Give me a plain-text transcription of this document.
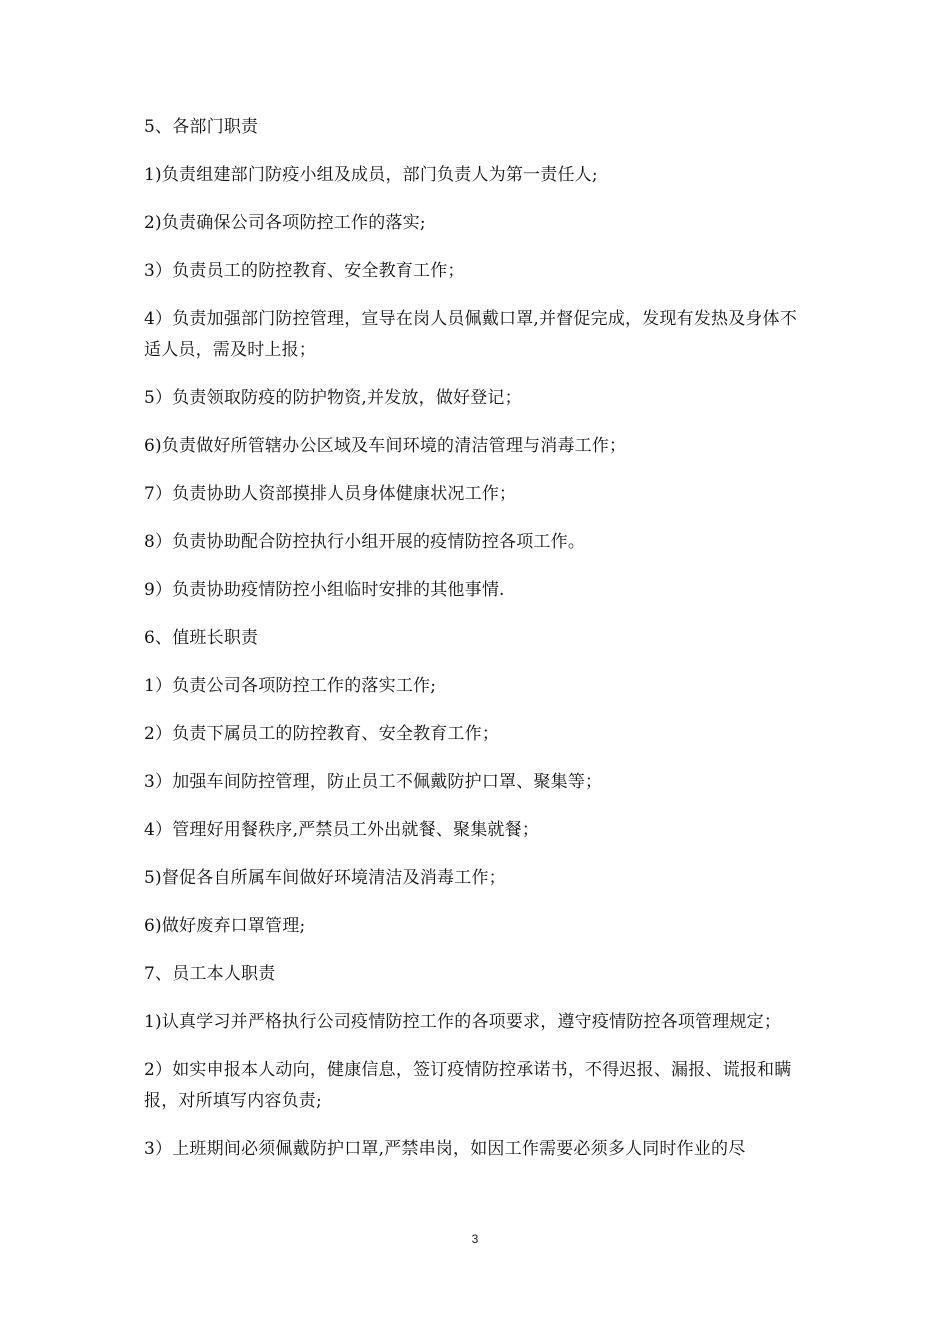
5、各部门职责

1)负责组建部门防疫小组及成员，部门负责人为第一责任人;

2)负责确保公司各项防控工作的落实;

3）负责员工的防控教育、安全教育工作；

4）负责加强部门防控管理，宣导在岗人员佩戴口罩,并督促完成，发现有发热及身体不适人员，需及时上报；

5）负责领取防疫的防护物资,并发放，做好登记；

6)负责做好所管辖办公区域及车间环境的清洁管理与消毒工作；

7）负责协助人资部摸排人员身体健康状况工作；

8）负责协助配合防控执行小组开展的疫情防控各项工作。

9）负责协助疫情防控小组临时安排的其他事情.

6、值班长职责

1）负责公司各项防控工作的落实工作;

2）负责下属员工的防控教育、安全教育工作；

3）加强车间防控管理，防止员工不佩戴防护口罩、聚集等；

4）管理好用餐秩序,严禁员工外出就餐、聚集就餐；

5)督促各自所属车间做好环境清洁及消毒工作；

6)做好废弃口罩管理;

7、员工本人职责

1)认真学习并严格执行公司疫情防控工作的各项要求，遵守疫情防控各项管理规定；

2）如实申报本人动向，健康信息，签订疫情防控承诺书，不得迟报、漏报、谎报和瞒报，对所填写内容负责;

3）上班期间必须佩戴防护口罩,严禁串岗，如因工作需要必须多人同时作业的尽

3
